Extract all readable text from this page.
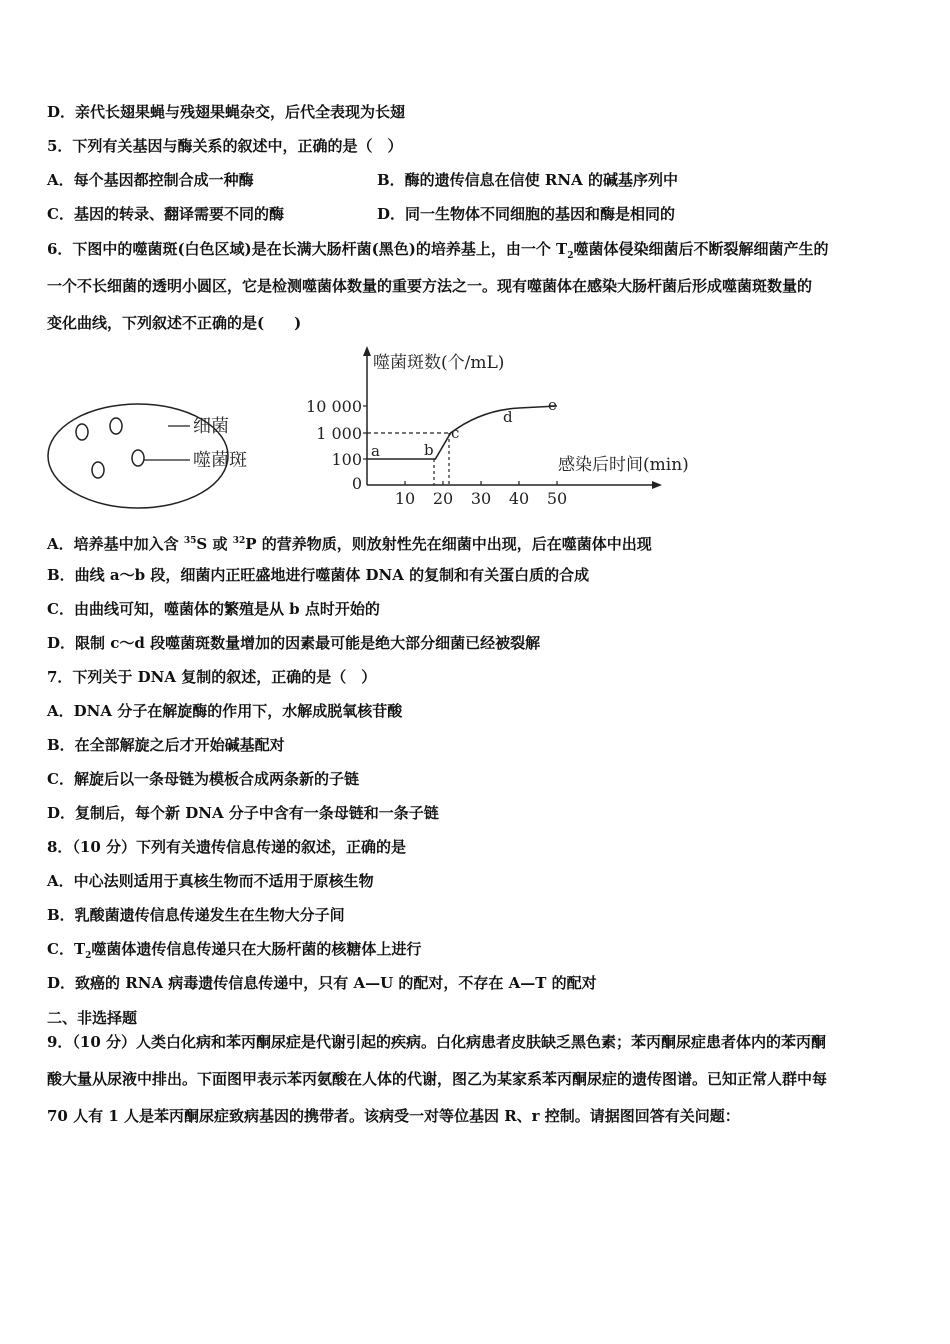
D．亲代长翅果蝇与残翅果蝇杂交，后代全表现为长翅
5．下列有关基因与酶关系的叙述中，正确的是（　）
A．每个基因都控制合成一种酶	B．酶的遗传信息在信使 RNA 的碱基序列中
C．基因的转录、翻译需要不同的酶	D．同一生物体不同细胞的基因和酶是相同的
6．下图中的噬菌斑(白色区域)是在长满大肠杆菌(黑色)的培养基上，由一个 $T_2$噬菌体侵染细菌后不断裂解细菌产生的
一个不长细菌的透明小圆区，它是检测噬菌体数量的重要方法之一。现有噬菌体在感染大肠杆菌后形成噬菌斑数量的
变化曲线，下列叙述不正确的是(　　)
细菌
噬菌斑
噬菌斑数(个/mL)
感染后时间(min)
10 000
1 000
100
0
10 20 30 40 50
a	b
c
d
e
A．培养基中加入含 $^{35}$S 或 $^{32}$P 的营养物质，则放射性先在细菌中出现，后在噬菌体中出现
B．曲线 a～b 段，细菌内正旺盛地进行噬菌体 DNA 的复制和有关蛋白质的合成
C．由曲线可知，噬菌体的繁殖是从 b 点时开始的
D．限制 c～d 段噬菌斑数量增加的因素最可能是绝大部分细菌已经被裂解
7．下列关于 DNA 复制的叙述，正确的是（　）
A．DNA 分子在解旋酶的作用下，水解成脱氧核苷酸
B．在全部解旋之后才开始碱基配对
C．解旋后以一条母链为模板合成两条新的子链
D．复制后，每个新 DNA 分子中含有一条母链和一条子链
8．（10 分）下列有关遗传信息传递的叙述，正确的是
A．中心法则适用于真核生物而不适用于原核生物
B．乳酸菌遗传信息传递发生在生物大分子间
C．$T_2$噬菌体遗传信息传递只在大肠杆菌的核糖体上进行
D．致癌的 RNA 病毒遗传信息传递中，只有 A—U 的配对，不存在 A—T 的配对
二、非选择题
9．（10 分）人类白化病和苯丙酮尿症是代谢引起的疾病。白化病患者皮肤缺乏黑色素；苯丙酮尿症患者体内的苯丙酮
酸大量从尿液中排出。下面图甲表示苯丙氨酸在人体的代谢，图乙为某家系苯丙酮尿症的遗传图谱。已知正常人群中每
70 人有 1 人是苯丙酮尿症致病基因的携带者。该病受一对等位基因 R、r 控制。请据图回答有关问题：
